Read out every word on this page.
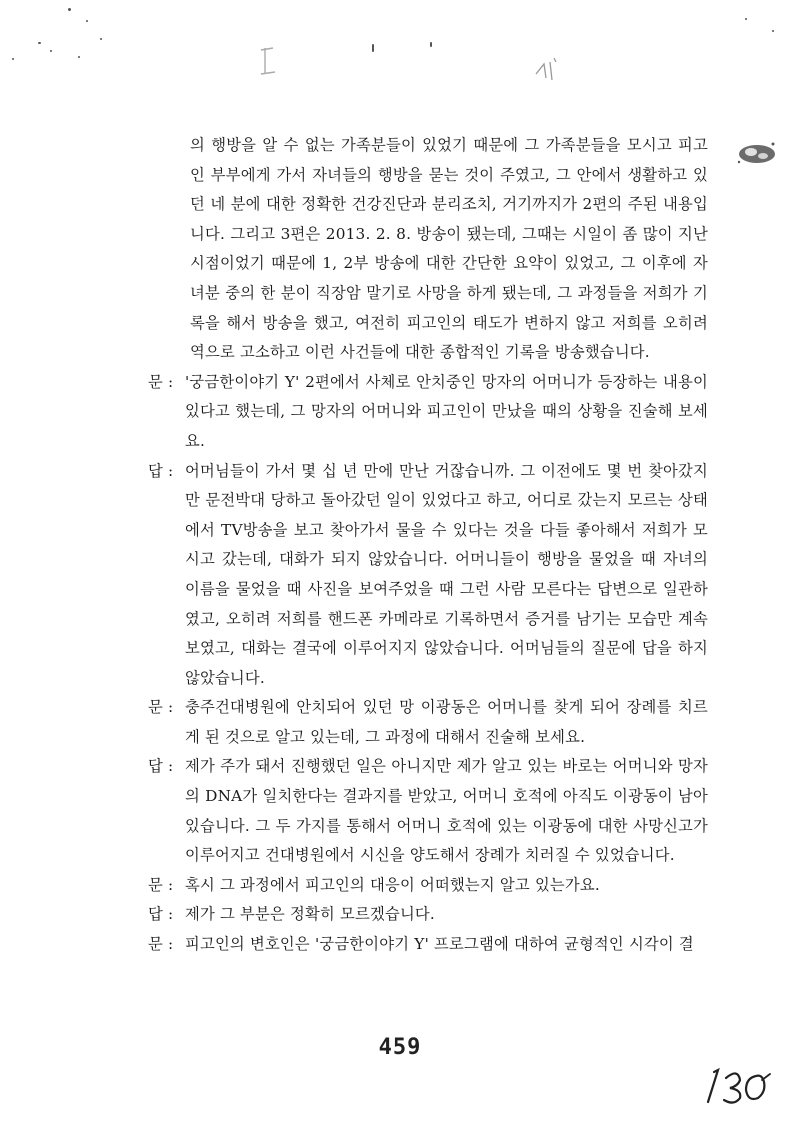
의 행방을 알 수 없는 가족분들이 있었기 때문에 그 가족분들을 모시고 피고인 부부에게 가서 자녀들의 행방을 묻는 것이 주였고, 그 안에서 생활하고 있던 네 분에 대한 정확한 건강진단과 분리조치, 거기까지가 2편의 주된 내용입니다. 그리고 3편은 2013. 2. 8. 방송이 됐는데, 그때는 시일이 좀 많이 지난 시점이었기 때문에 1, 2부 방송에 대한 간단한 요약이 있었고, 그 이후에 자녀분 중의 한 분이 직장암 말기로 사망을 하게 됐는데, 그 과정들을 저희가 기록을 해서 방송을 했고, 여전히 피고인의 태도가 변하지 않고 저희를 오히려 역으로 고소하고 이런 사건들에 대한 종합적인 기록을 방송했습니다.
문 : '궁금한이야기 Y' 2편에서 사체로 안치중인 망자의 어머니가 등장하는 내용이 있다고 했는데, 그 망자의 어머니와 피고인이 만났을 때의 상황을 진술해 보세요.
답 : 어머님들이 가서 몇 십 년 만에 만난 거잖습니까. 그 이전에도 몇 번 찾아갔지만 문전박대 당하고 돌아갔던 일이 있었다고 하고, 어디로 갔는지 모르는 상태에서 TV방송을 보고 찾아가서 물을 수 있다는 것을 다들 좋아해서 저희가 모시고 갔는데, 대화가 되지 않았습니다. 어머니들이 행방을 물었을 때 자녀의 이름을 물었을 때 사진을 보여주었을 때 그런 사람 모른다는 답변으로 일관하였고, 오히려 저희를 핸드폰 카메라로 기록하면서 증거를 남기는 모습만 계속 보였고, 대화는 결국에 이루어지지 않았습니다. 어머님들의 질문에 답을 하지 않았습니다.
문 : 충주건대병원에 안치되어 있던 망 이광동은 어머니를 찾게 되어 장례를 치르게 된 것으로 알고 있는데, 그 과정에 대해서 진술해 보세요.
답 : 제가 주가 돼서 진행했던 일은 아니지만 제가 알고 있는 바로는 어머니와 망자의 DNA가 일치한다는 결과지를 받았고, 어머니 호적에 아직도 이광동이 남아있습니다. 그 두 가지를 통해서 어머니 호적에 있는 이광동에 대한 사망신고가 이루어지고 건대병원에서 시신을 양도해서 장례가 치러질 수 있었습니다.
문 : 혹시 그 과정에서 피고인의 대응이 어떠했는지 알고 있는가요.
답 : 제가 그 부분은 정확히 모르겠습니다.
문 : 피고인의 변호인은 '궁금한이야기 Y' 프로그램에 대하여 균형적인 시각이 결
459
